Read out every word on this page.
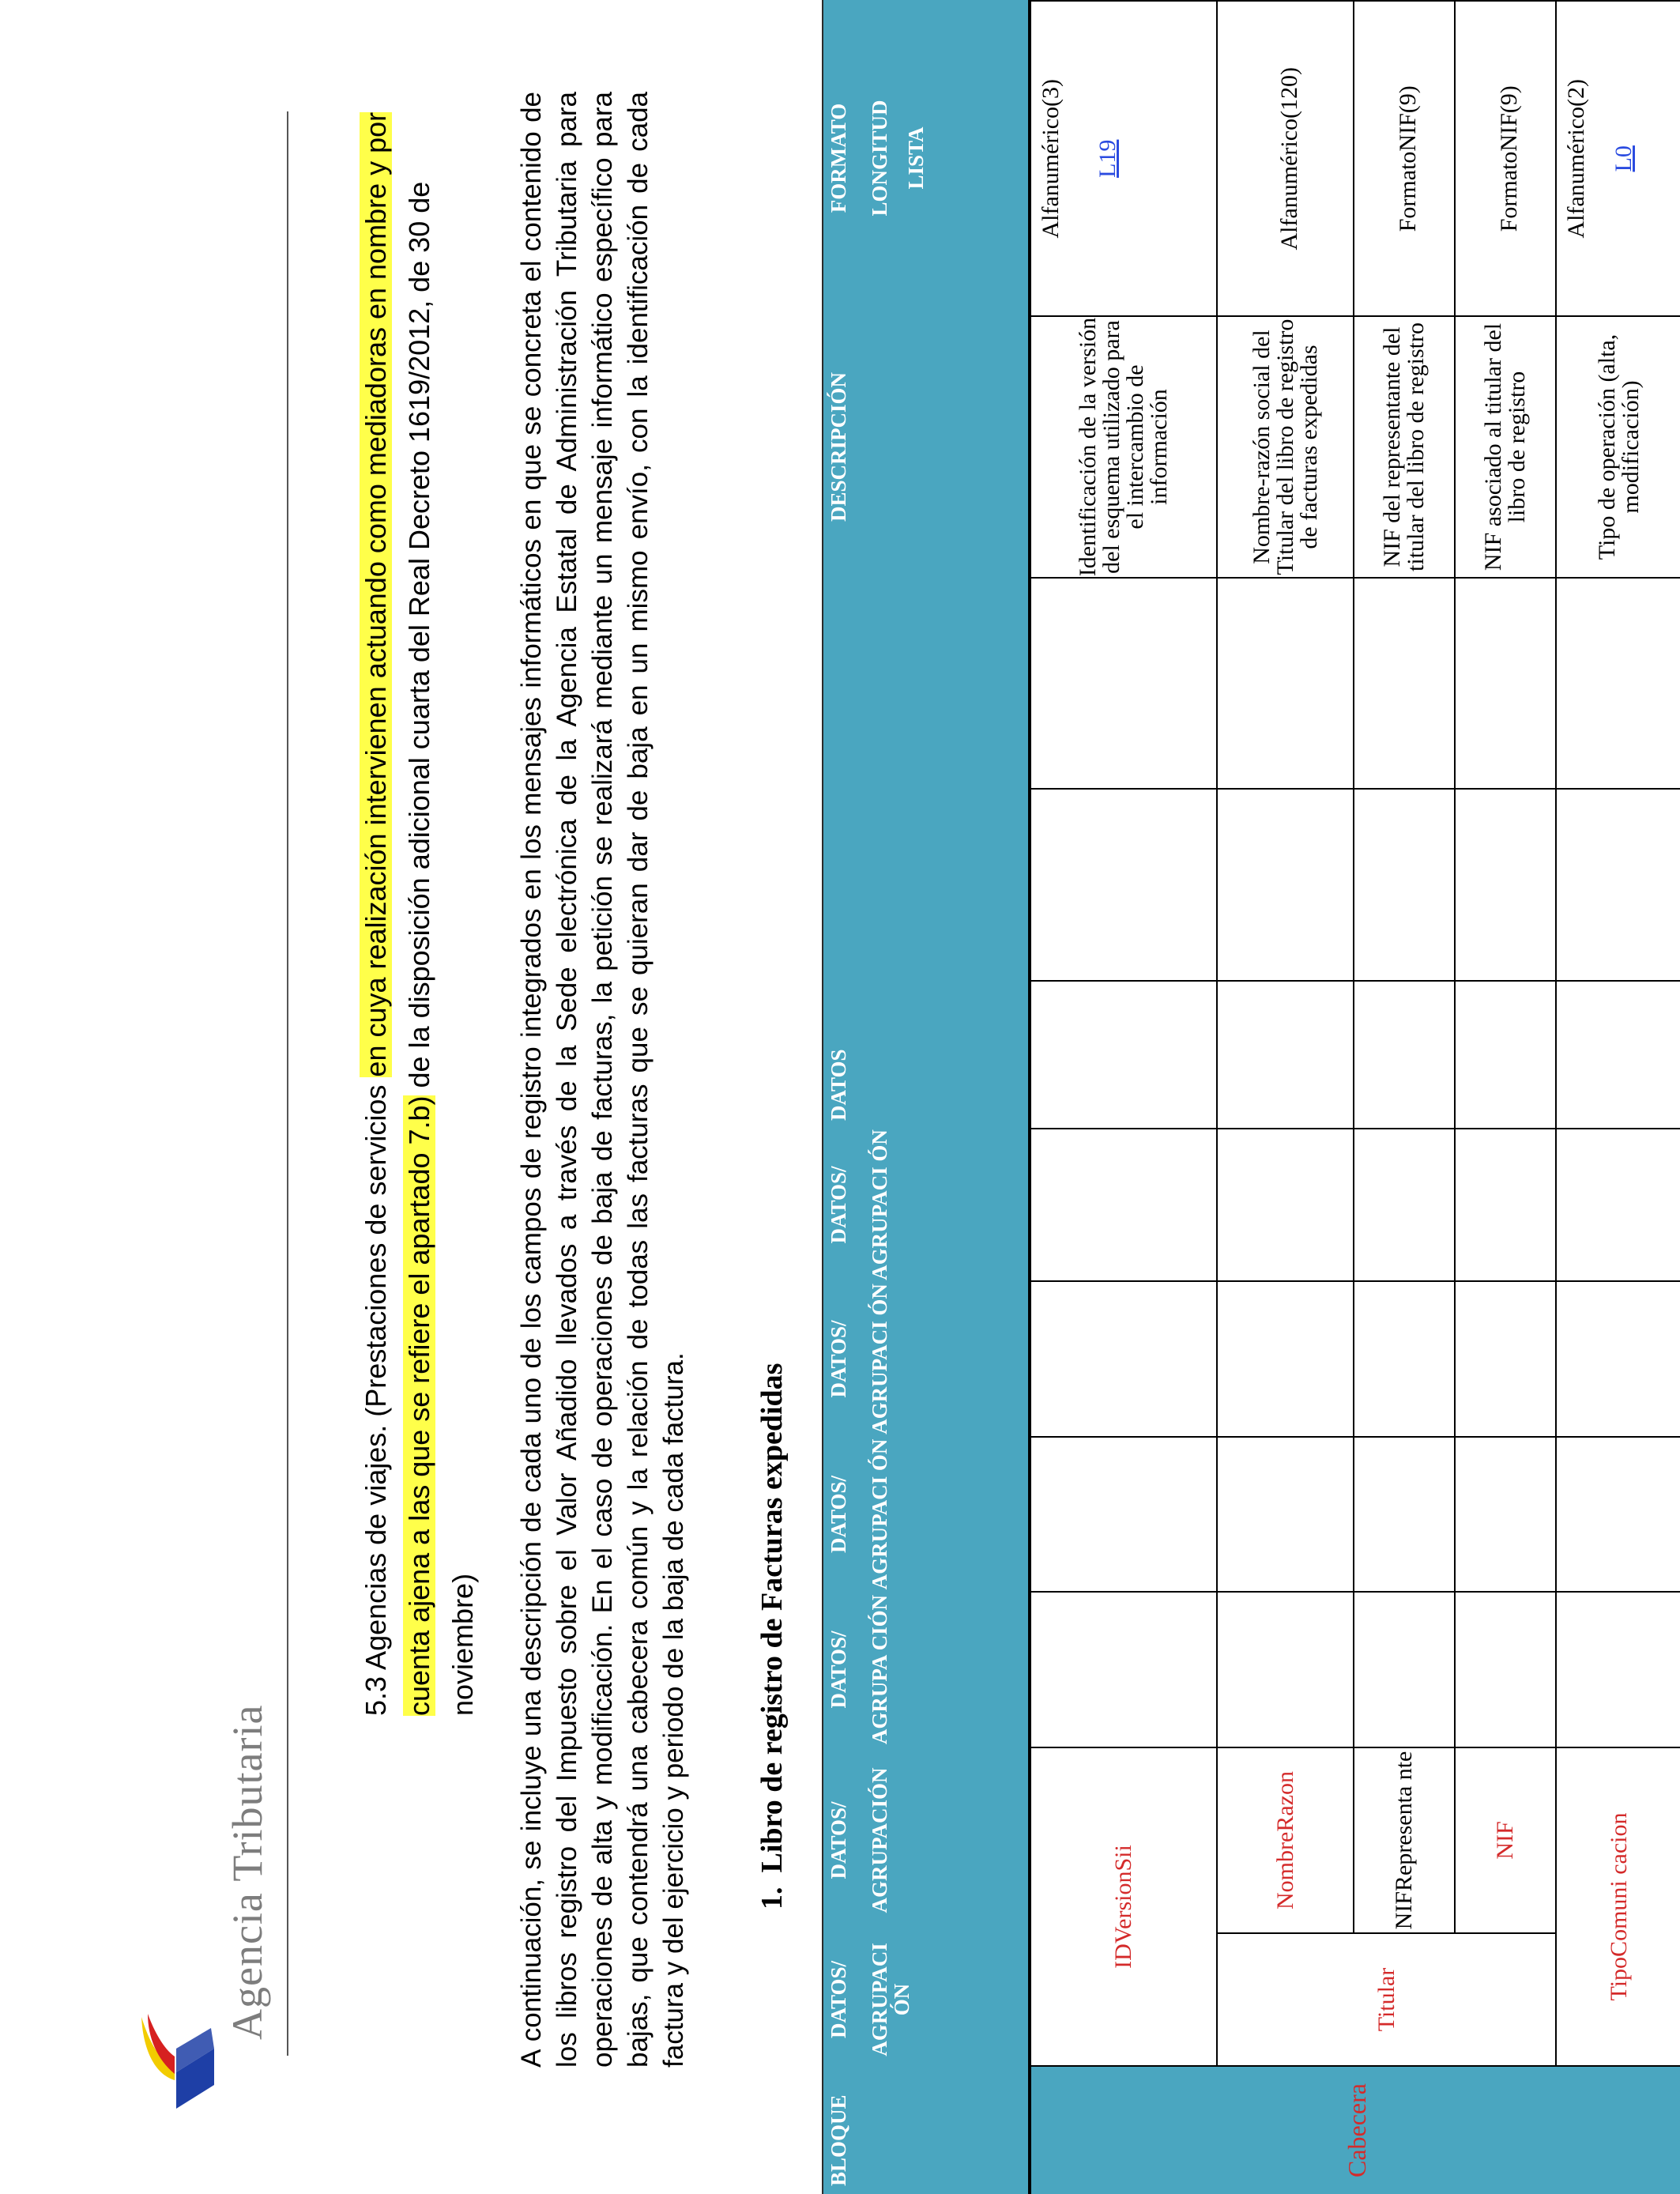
Agencia Tributaria
5.3 Agencias de viajes. (Prestaciones de servicios en cuya realización intervienen actuando como mediadoras en nombre y por cuenta ajena a las que se refiere el apartado 7.b) de la disposición adicional cuarta del Real Decreto 1619/2012, de 30 de noviembre) A continuación, se incluye una descripción de cada uno de los campos de registro integrados en los mensajes informáticos en que se concreta el contenido de los libros registro del Impuesto sobre el Valor Añadido llevados a través de la Sede electrónica de la Agencia Estatal de Administración Tributaria para operaciones de alta y modificación. En el caso de operaciones de baja de facturas, la petición se realizará mediante un mensaje informático específico para bajas, que contendrá una cabecera común y la relación de todas las facturas que se quieran dar de baja en un mismo envío, con la identificación de cada factura y del ejercicio y periodo de la baja de cada factura. 1.Libro de registro de Facturas expedidas
BLOQUE	DATOS/ AGRUPACI ÓN	DATOS/ AGRUPACIÓN	DATOS/ AGRUPA CIÓN	DATOS/ AGRUPACI ÓN	DATOS/ AGRUPACI ÓN	DATOS/ AGRUPACI ÓN	DATOS			DESCRIPCIÓN	FORMATO LONGITUD LISTA

Cabecera	IDVersionSii									Identificación de la versión del esquema utilizado para el intercambio de información	Alfanumérico(3) L19

	Titular	NombreRazon								Nombre-razón social del Titular del libro de registro de facturas expedidas	Alfanumérico(120)
		NIFRepresenta nte								NIF del representante del titular del libro de registro	FormatoNIF(9)
		NIF								NIF asociado al titular del libro de registro	FormatoNIF(9)
	TipoComuni cacion									Tipo de operación (alta, modificación)	Alfanumérico(2) L0
